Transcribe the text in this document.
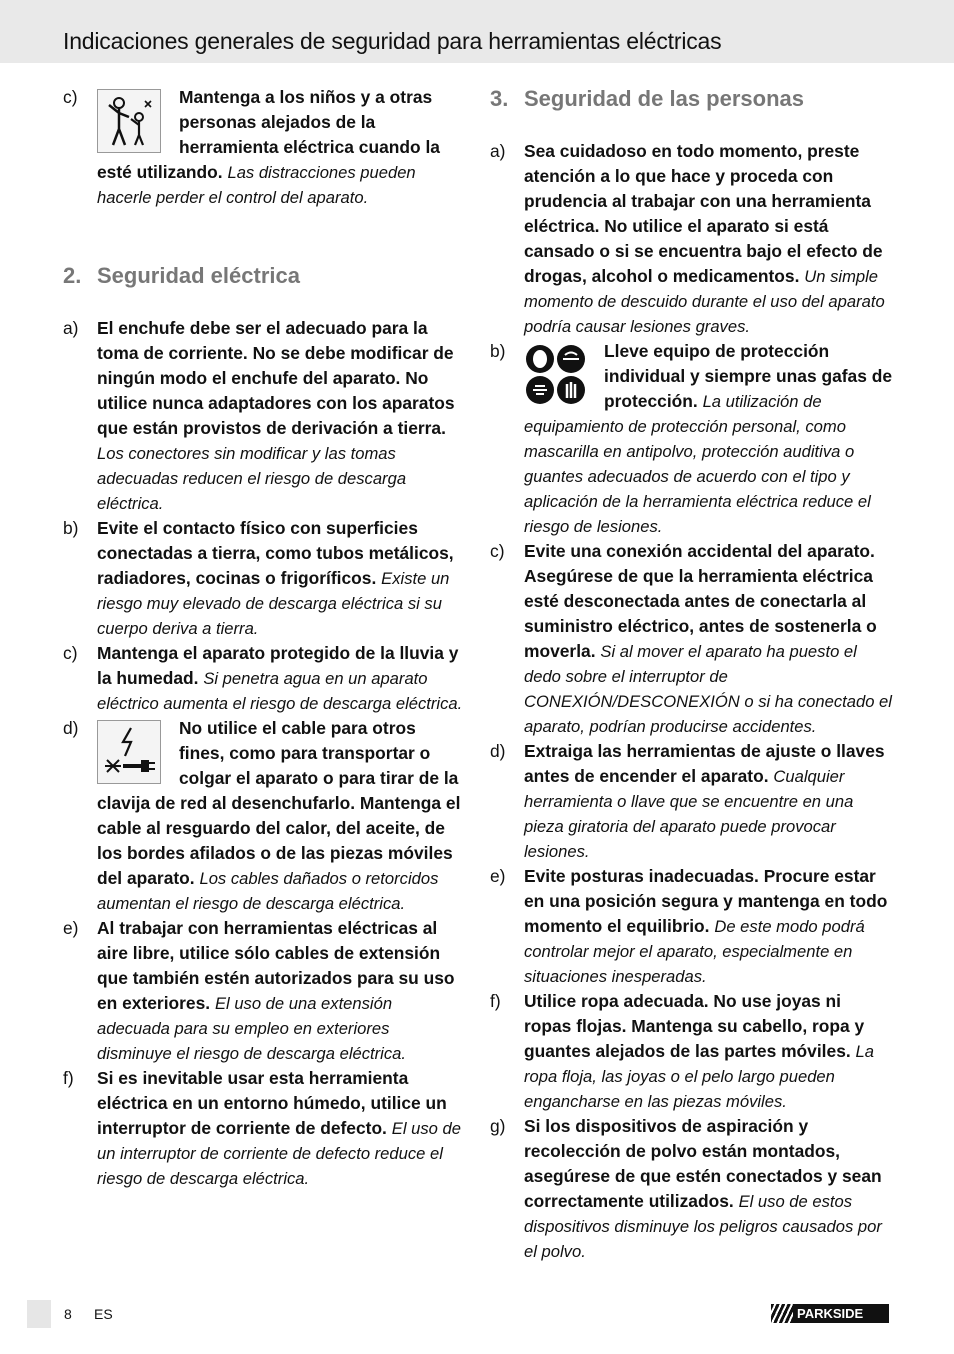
Indicaciones generales de seguridad para herramientas eléctricas
c)	Mantenga a los niños y a otras personas alejados de la herramienta eléctrica cuando la esté utilizando. Las distracciones pueden hacerle perder el control del aparato.
2. Seguridad eléctrica
a) El enchufe debe ser el adecuado para la toma de corriente. No se debe modificar de ningún modo el enchufe del aparato. No utilice nunca adaptadores con los aparatos que están provistos de derivación a tierra. Los conectores sin modificar y las tomas adecuadas reducen el riesgo de descarga eléctrica.
b) Evite el contacto físico con superficies conectadas a tierra, como tubos metálicos, radiadores, cocinas o frigoríficos. Existe un riesgo muy elevado de descarga eléctrica si su cuerpo deriva a tierra.
c) Mantenga el aparato protegido de la lluvia y la humedad. Si penetra agua en un aparato eléctrico aumenta el riesgo de descarga eléctrica.
d)	No utilice el cable para otros fines, como para transportar o colgar el aparato o para tirar de la clavija de red al desenchufarlo. Mantenga el cable al resguardo del calor, del aceite, de los bordes afilados o de las piezas móviles del aparato. Los cables dañados o retorcidos aumentan el riesgo de descarga eléctrica.
e) Al trabajar con herramientas eléctricas al aire libre, utilice sólo cables de extensión que también estén autorizados para su uso en exteriores. El uso de una extensión adecuada para su empleo en exteriores disminuye el riesgo de descarga eléctrica.
f) Si es inevitable usar esta herramienta eléctrica en un entorno húmedo, utilice un interruptor de corriente de defecto. El uso de un interruptor de corriente de defecto reduce el riesgo de descarga eléctrica.
3. Seguridad de las personas
a) Sea cuidadoso en todo momento, preste atención a lo que hace y proceda con prudencia al trabajar con una herramienta eléctrica. No utilice el aparato si está cansado o si se encuentra bajo el efecto de drogas, alcohol o medicamentos. Un simple momento de descuido durante el uso del aparato podría causar lesiones graves.
b)	Lleve equipo de protección individual y siempre unas gafas de protección. La utilización de equipamiento de protección personal, como mascarilla en antipolvo, protección auditiva o guantes adecuados de acuerdo con el tipo y aplicación de la herramienta eléctrica reduce el riesgo de lesiones.
c) Evite una conexión accidental del aparato. Asegúrese de que la herramienta eléctrica esté desconectada antes de conectarla al suministro eléctrico, antes de sostenerla o moverla. Si al mover el aparato ha puesto el dedo sobre el interruptor de CONEXIÓN/DESCONEXIÓN o si ha conectado el aparato, podrían producirse accidentes.
d) Extraiga las herramientas de ajuste o llaves antes de encender el aparato. Cualquier herramienta o llave que se encuentre en una pieza giratoria del aparato puede provocar lesiones.
e) Evite posturas inadecuadas. Procure estar en una posición segura y mantenga en todo momento el equilibrio. De este modo podrá controlar mejor el aparato, especialmente en situaciones inesperadas.
f) Utilice ropa adecuada. No use joyas ni ropas flojas. Mantenga su cabello, ropa y guantes alejados de las partes móviles. La ropa floja, las joyas o el pelo largo pueden engancharse en las piezas móviles.
g) Si los dispositivos de aspiración y recolección de polvo están montados, asegúrese de que estén conectados y sean correctamente utilizados. El uso de estos dispositivos disminuye los peligros causados por el polvo.
8 ES	PARKSIDE
